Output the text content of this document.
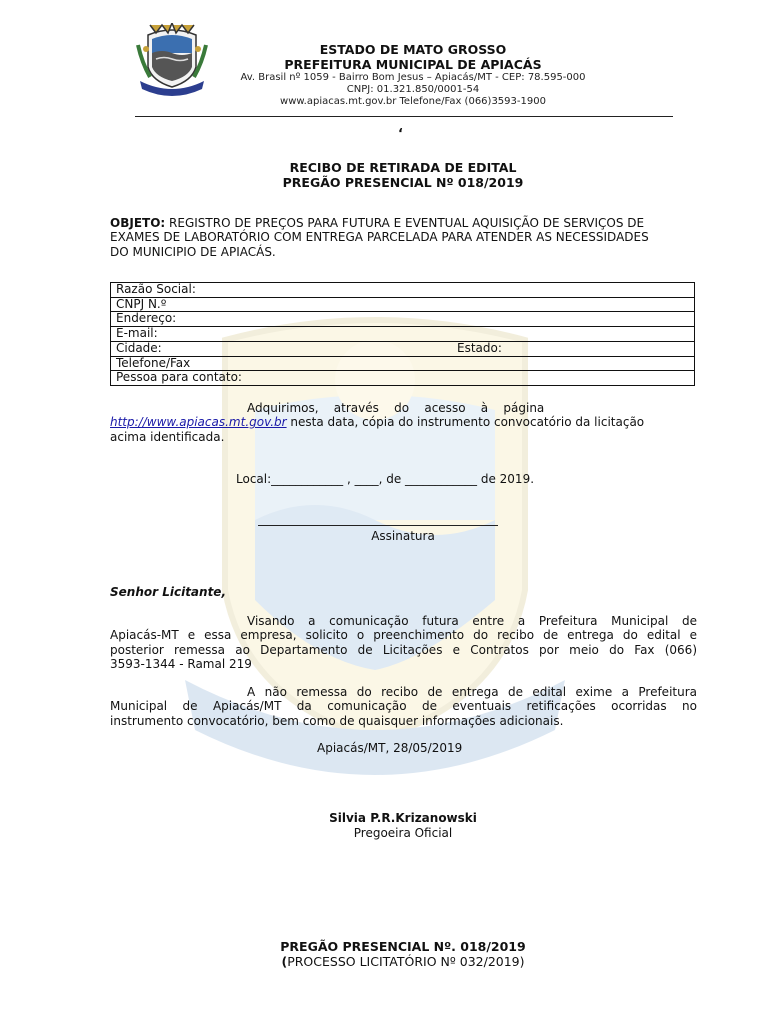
ESTADO DE MATO GROSSO
PREFEITURA MUNICIPAL DE APIACÁS
Av. Brasil nº 1059 - Bairro Bom Jesus – Apiacás/MT - CEP: 78.595-000
CNPJ: 01.321.850/0001-54
www.apiacas.mt.gov.br Telefone/Fax (066)3593-1900
‘
RECIBO DE RETIRADA DE EDITAL
PREGÃO PRESENCIAL Nº 018/2019
OBJETO: REGISTRO DE PREÇOS PARA FUTURA E EVENTUAL AQUISIÇÃO DE SERVIÇOS DE
EXAMES DE LABORATÓRIO COM ENTREGA PARCELADA PARA ATENDER AS NECESSIDADES
DO MUNICIPIO DE APIACÁS.
Razão Social:
CNPJ N.º
Endereço:
E-mail:
Cidade:	Estado:

Telefone/Fax
Pessoa para contato:
Adquirimos,    através    do    acesso    à    página
http://www.apiacas.mt.gov.br nesta data, cópia do instrumento convocatório da licitação
acima identificada.
Local:____________ , ____, de ____________ de 2019.
Assinatura
Senhor Licitante,
Visando a comunicação futura entre a Prefeitura Municipal de
Apiacás-MT e essa empresa, solicito o preenchimento do recibo de entrega do edital e
posterior remessa ao Departamento de Licitações e Contratos por meio do Fax (066)
3593-1344 - Ramal 219
A não remessa do recibo de entrega de edital exime a Prefeitura
Municipal de Apiacás/MT da comunicação de eventuais retificações ocorridas no
instrumento convocatório, bem como de quaisquer informações adicionais.
Apiacás/MT, 28/05/2019
Silvia P.R.Krizanowski
Pregoeira Oficial
PREGÃO PRESENCIAL Nº. 018/2019
(PROCESSO LICITATÓRIO Nº 032/2019)
